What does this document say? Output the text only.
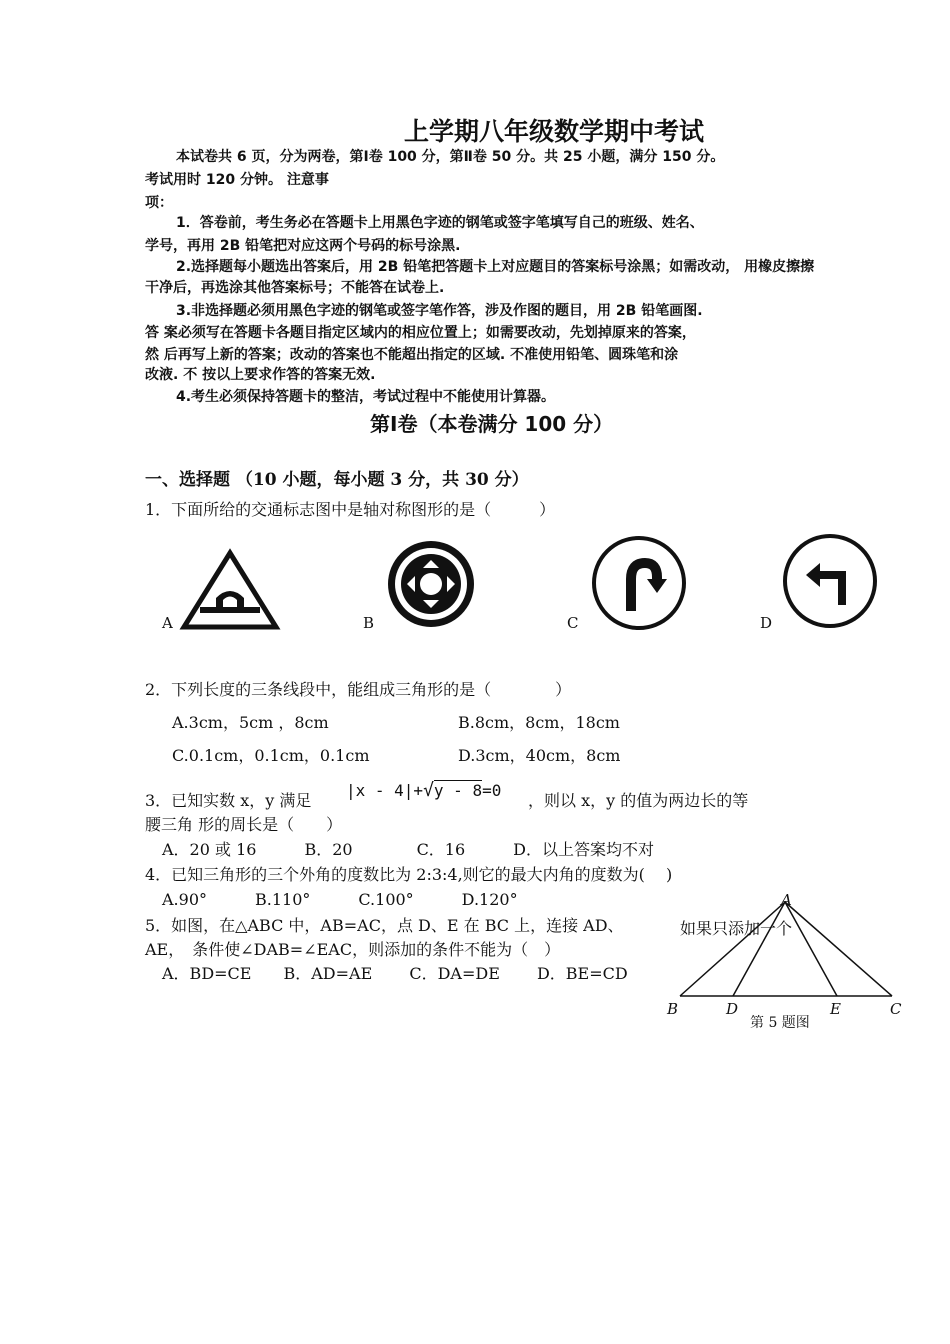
上学期八年级数学期中考试
本试卷共 6 页，分为两卷，第Ⅰ卷 100 分，第Ⅱ卷 50 分。共 25 小题，满分 150 分。
考试用时 120 分钟。 注意事
项：
1．答卷前，考生务必在答题卡上用黑色字迹的钢笔或签字笔填写自己的班级、姓名、
学号，再用 2B 铅笔把对应这两个号码的标号涂黑.
2.选择题每小题选出答案后，用 2B 铅笔把答题卡上对应题目的答案标号涂黑；如需改动， 用橡皮擦擦
干净后，再选涂其他答案标号；不能答在试卷上.
3.非选择题必须用黑色字迹的钢笔或签字笔作答，涉及作图的题目，用 2B 铅笔画图.
答 案必须写在答题卡各题目指定区域内的相应位置上；如需要改动，先划掉原来的答案，
然 后再写上新的答案；改动的答案也不能超出指定的区域. 不准使用铅笔、圆珠笔和涂
改液. 不 按以上要求作答的答案无效.
4.考生必须保持答题卡的整洁，考试过程中不能使用计算器。
第Ⅰ卷（本卷满分 100 分）
一、选择题 （10 小题，每小题 3 分，共 30 分）
1．下面所给的交通标志图中是轴对称图形的是（　　　）
A	B	C	D
2．下列长度的三条线段中，能组成三角形的是（　　　　）
A.3cm，5cm ，8cm	B.8cm，8cm，18cm
C.0.1cm，0.1cm，0.1cm	D.3cm，40cm，8cm
3．已知实数 x，y 满足
|x - 4|+√y - 8=0
，则以 x，y 的值为两边长的等
腰三角 形的周长是（　　）
A．20 或 16　　　B．20　　　　C．16　　　D．以上答案均不对
4．已知三角形的三个外角的度数比为 2:3:4,则它的最大内角的度数为(　 )
A.90°　　　B.110°　　　C.100°　　　D.120°
5．如图，在△ABC 中，AB=AC，点 D、E 在 BC 上，连接 AD、	如果只添加一个
AE，　条件使∠DAB=∠EAC，则添加的条件不能为（　）
A．BD=CE　　B．AD=AE　　 C．DA=DE　　 D．BE=CD
A
B	D	E	C
第 5 题图
